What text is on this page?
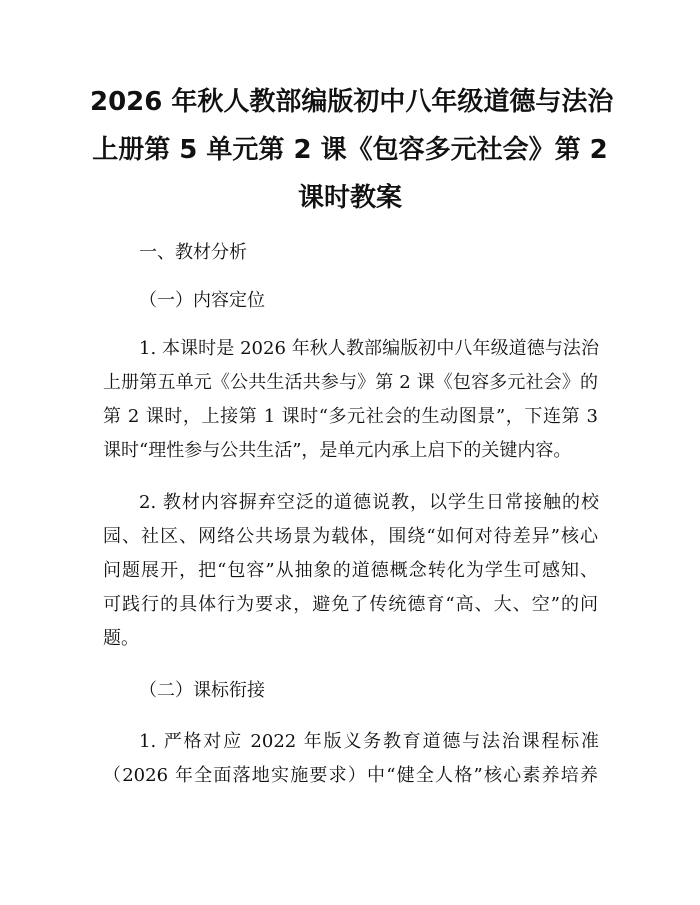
2026 年秋人教部编版初中八年级道德与法治
上册第 5 单元第 2 课《包容多元社会》第 2
课时教案
一、教材分析
（一）内容定位
1. 本课时是 2026 年秋人教部编版初中八年级道德与法治
上册第五单元《公共生活共参与》第 2 课《包容多元社会》的
第 2 课时，上接第 1 课时“多元社会的生动图景”，下连第 3
课时“理性参与公共生活”，是单元内承上启下的关键内容。
2. 教材内容摒弃空泛的道德说教，以学生日常接触的校
园、社区、网络公共场景为载体，围绕“如何对待差异”核心
问题展开，把“包容”从抽象的道德概念转化为学生可感知、
可践行的具体行为要求，避免了传统德育“高、大、空”的问
题。
（二）课标衔接
1. 严格对应 2022 年版义务教育道德与法治课程标准
（2026 年全面落地实施要求）中“健全人格”核心素养培养
